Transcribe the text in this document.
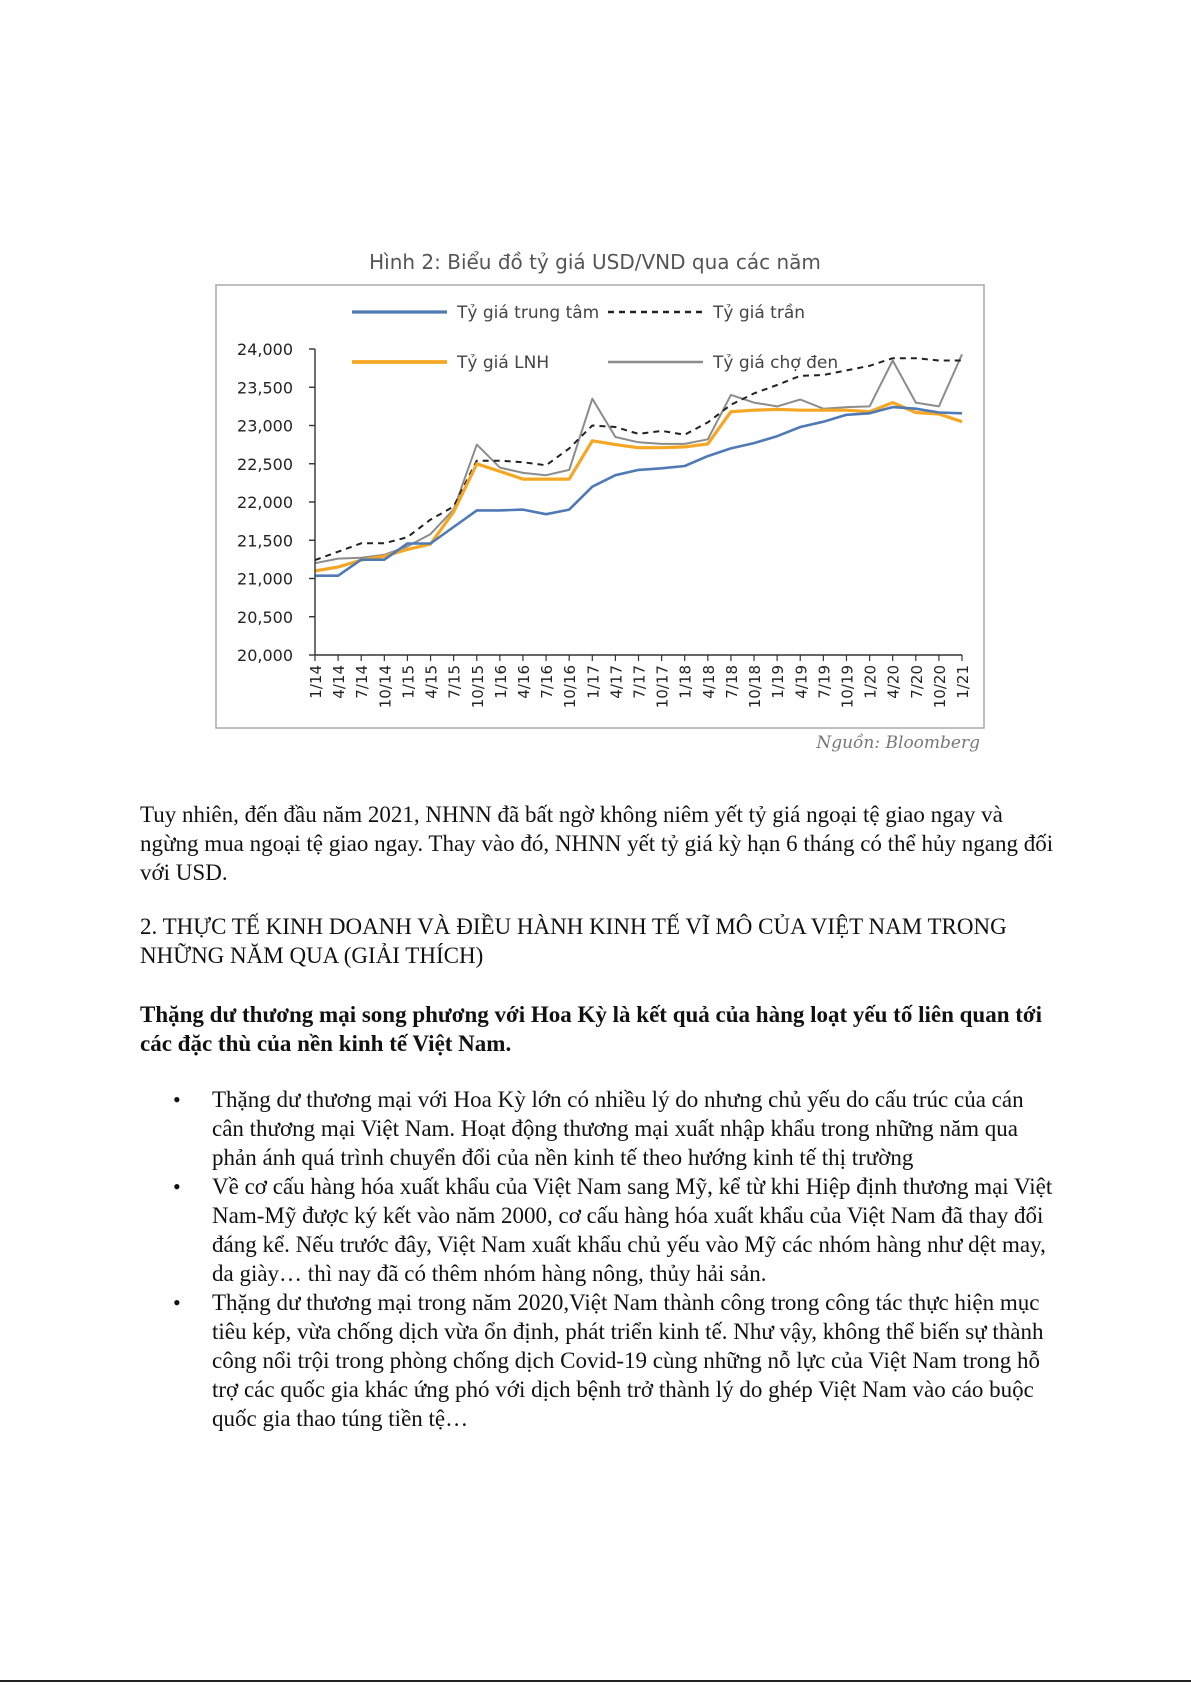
Hình 2: Biểu đồ tỷ giá USD/VND qua các năm
24,000
23,500
23,000
22,500
22,000
21,500
21,000
20,500
20,000
1/14 4/14 7/14 10/14 1/15 4/15 7/15 10/15 1/16 4/16 7/16 10/16 1/17 4/17 7/17 10/17 1/18 4/18 7/18 10/18 1/19 4/19 7/19 10/19 1/20 4/20 7/20 10/20 1/21
Tỷ giá trung tâm	Tỷ giá trần
Tỷ giá LNH	Tỷ giá chợ đen
Nguồn: Bloomberg
Tuy nhiên, đến đầu năm 2021, NHNN đã bất ngờ không niêm yết tỷ giá ngoại tệ giao ngay và ngừng mua ngoại tệ giao ngay. Thay vào đó, NHNN yết tỷ giá kỳ hạn 6 tháng có thể hủy ngang đối với USD.
2. THỰC TẾ KINH DOANH VÀ ĐIỀU HÀNH KINH TẾ VĨ MÔ CỦA VIỆT NAM TRONG NHỮNG NĂM QUA (GIẢI THÍCH)
Thặng dư thương mại song phương với Hoa Kỳ là kết quả của hàng loạt yếu tố liên quan tới các đặc thù của nền kinh tế Việt Nam.
• Thặng dư thương mại với Hoa Kỳ lớn có nhiều lý do nhưng chủ yếu do cấu trúc của cán cân thương mại Việt Nam. Hoạt động thương mại xuất nhập khẩu trong những năm qua phản ánh quá trình chuyển đổi của nền kinh tế theo hướng kinh tế thị trường
• Về cơ cấu hàng hóa xuất khẩu của Việt Nam sang Mỹ, kể từ khi Hiệp định thương mại Việt Nam-Mỹ được ký kết vào năm 2000, cơ cấu hàng hóa xuất khẩu của Việt Nam đã thay đổi đáng kể. Nếu trước đây, Việt Nam xuất khẩu chủ yếu vào Mỹ các nhóm hàng như dệt may, da giày… thì nay đã có thêm nhóm hàng nông, thủy hải sản.
• Thặng dư thương mại trong năm 2020,Việt Nam thành công trong công tác thực hiện mục tiêu kép, vừa chống dịch vừa ổn định, phát triển kinh tế. Như vậy, không thể biến sự thành công nổi trội trong phòng chống dịch Covid-19 cùng những nỗ lực của Việt Nam trong hỗ trợ các quốc gia khác ứng phó với dịch bệnh trở thành lý do ghép Việt Nam vào cáo buộc quốc gia thao túng tiền tệ…
